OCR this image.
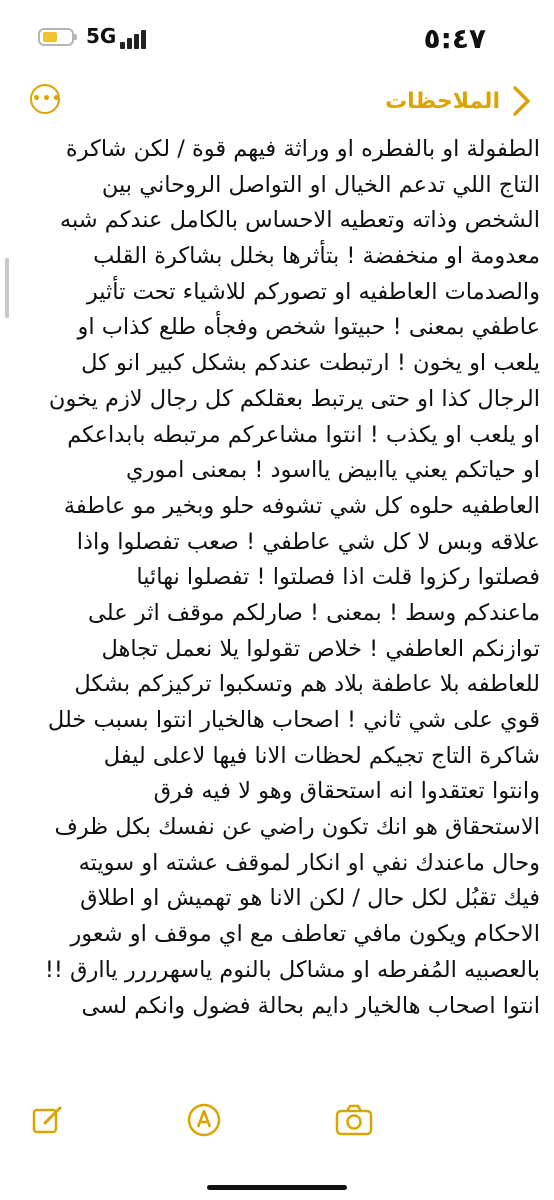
٥:٤٧
5G
الملاحظات
•••
الطفولة او بالفطره او وراثة فيهم قوة / لكن شاكرة
التاج اللي تدعم الخيال او التواصل الروحاني بين
الشخص وذاته وتعطيه الاحساس بالكامل عندكم شبه
معدومة او منخفضة ! بتأثرها بخلل بشاكرة القلب
والصدمات العاطفيه او تصوركم للاشياء تحت تأثير
عاطفي بمعنى ! حبيتوا شخص وفجأه طلع كذاب او
يلعب او يخون ! ارتبطت عندكم بشكل كبير انو كل
الرجال كذا او حتى يرتبط بعقلكم كل رجال لازم يخون
او يلعب او يكذب ! انتوا مشاعركم مرتبطه بابداعكم
او حياتكم يعني ياابيض يااسود ! بمعنى اموري
العاطفيه حلوه كل شي تشوفه حلو وبخير مو عاطفة
علاقه وبس لا كل شي عاطفي ! صعب تفصلوا واذا
فصلتوا ركزوا قلت اذا فصلتوا ! تفصلوا نهائيا
ماعندكم وسط ! بمعنى ! صارلكم موقف اثر على
توازنكم العاطفي ! خلاص تقولوا يلا نعمل تجاهل
للعاطفه بلا عاطفة بلاد هم وتسكبوا تركيزكم بشكل
قوي على شي ثاني ! اصحاب هالخيار انتوا بسبب خلل
شاكرة التاج تجيكم لحظات الانا فيها لاعلى ليفل
وانتوا تعتقدوا انه استحقاق وهو لا فيه فرق
الاستحقاق هو انك تكون راضي عن نفسك بكل ظرف
وحال ماعندك نفي او انكار لموقف عشته او سويته
فيك تقبُل لكل حال / لكن الانا هو تهميش او اطلاق
الاحكام ويكون مافي تعاطف مع اي موقف او شعور
بالعصبيه المُفرطه او مشاكل بالنوم ياسهرررر ياارق !!
انتوا اصحاب هالخيار دايم بحالة فضول وانكم لسى
